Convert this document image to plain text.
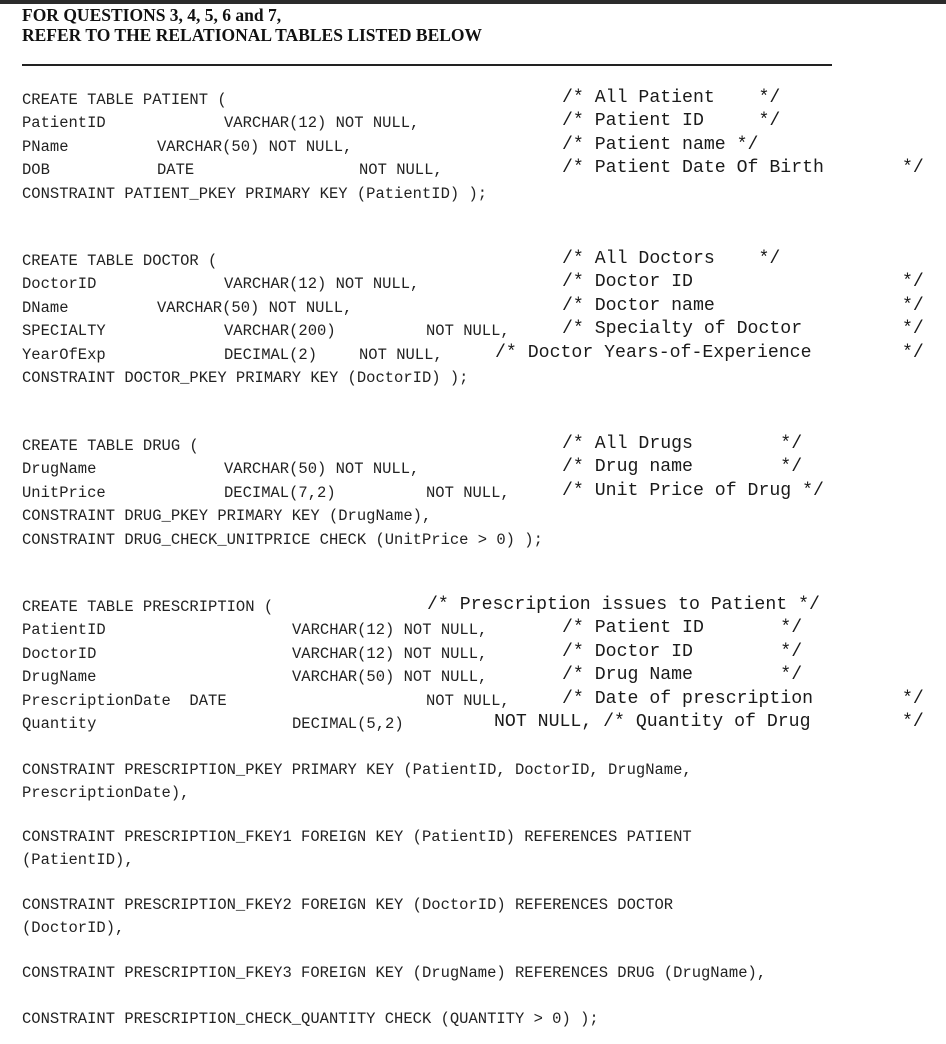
FOR QUESTIONS 3, 4, 5, 6 and 7,
REFER TO THE RELATIONAL TABLES LISTED BELOW
CREATE TABLE PATIENT (	/* All Patient    */
PatientID	VARCHAR(12) NOT NULL,	/* Patient ID     */
PName	VARCHAR(50) NOT NULL,	/* Patient name */
DOB	DATE	NOT NULL,	/* Patient Date Of Birth	*/
CONSTRAINT PATIENT_PKEY PRIMARY KEY (PatientID) );
CREATE TABLE DOCTOR (	/* All Doctors    */
DoctorID	VARCHAR(12) NOT NULL,	/* Doctor ID	*/
DName	VARCHAR(50) NOT NULL,	/* Doctor name	*/
SPECIALTY	VARCHAR(200)	NOT NULL,	/* Specialty of Doctor	*/
YearOfExp	DECIMAL(2)	NOT NULL,	/* Doctor Years-of-Experience	*/
CONSTRAINT DOCTOR_PKEY PRIMARY KEY (DoctorID) );
CREATE TABLE DRUG (	/* All Drugs        */
DrugName	VARCHAR(50) NOT NULL,	/* Drug name        */
UnitPrice	DECIMAL(7,2)	NOT NULL,	/* Unit Price of Drug */
CONSTRAINT DRUG_PKEY PRIMARY KEY (DrugName),
CONSTRAINT DRUG_CHECK_UNITPRICE CHECK (UnitPrice > 0) );
CREATE TABLE PRESCRIPTION (	/* Prescription issues to Patient */
PatientID	VARCHAR(12) NOT NULL,	/* Patient ID       */
DoctorID	VARCHAR(12) NOT NULL,	/* Doctor ID        */
DrugName	VARCHAR(50) NOT NULL,	/* Drug Name        */
PrescriptionDate  DATE	NOT NULL,	/* Date of prescription	*/
Quantity	DECIMAL(5,2)	NOT NULL, /* Quantity of Drug	*/
CONSTRAINT PRESCRIPTION_PKEY PRIMARY KEY (PatientID, DoctorID, DrugName,
PrescriptionDate),
CONSTRAINT PRESCRIPTION_FKEY1 FOREIGN KEY (PatientID) REFERENCES PATIENT
(PatientID),
CONSTRAINT PRESCRIPTION_FKEY2 FOREIGN KEY (DoctorID) REFERENCES DOCTOR
(DoctorID),
CONSTRAINT PRESCRIPTION_FKEY3 FOREIGN KEY (DrugName) REFERENCES DRUG (DrugName),
CONSTRAINT PRESCRIPTION_CHECK_QUANTITY CHECK (QUANTITY > 0) );
